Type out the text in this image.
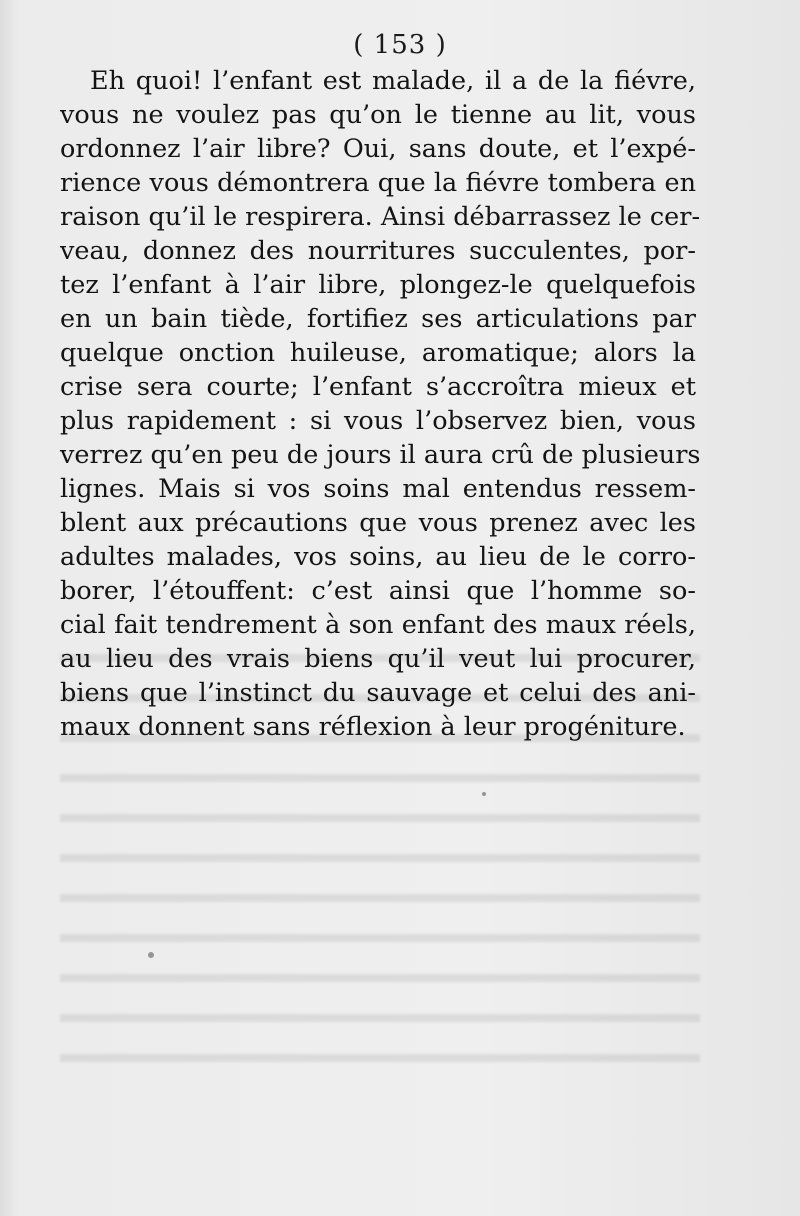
( 153 )
Eh quoi! l’enfant est malade, il a de la fiévre,
vous ne voulez pas qu’on le tienne au lit, vous
ordonnez l’air libre? Oui, sans doute, et l’expé-
rience vous démontrera que la fiévre tombera en
raison qu’il le respirera. Ainsi débarrassez le cer-
veau, donnez des nourritures succulentes, por-
tez l’enfant à l’air libre, plongez-le quelquefois
en un bain tiède, fortifiez ses articulations par
quelque onction huileuse, aromatique; alors la
crise sera courte; l’enfant s’accroîtra mieux et
plus rapidement : si vous l’observez bien, vous
verrez qu’en peu de jours il aura crû de plusieurs
lignes. Mais si vos soins mal entendus ressem-
blent aux précautions que vous prenez avec les
adultes malades, vos soins, au lieu de le corro-
borer, l’étouffent: c’est ainsi que l’homme so-
cial fait tendrement à son enfant des maux réels,
au lieu des vrais biens qu’il veut lui procurer,
biens que l’instinct du sauvage et celui des ani-
maux donnent sans réflexion à leur progéniture.
